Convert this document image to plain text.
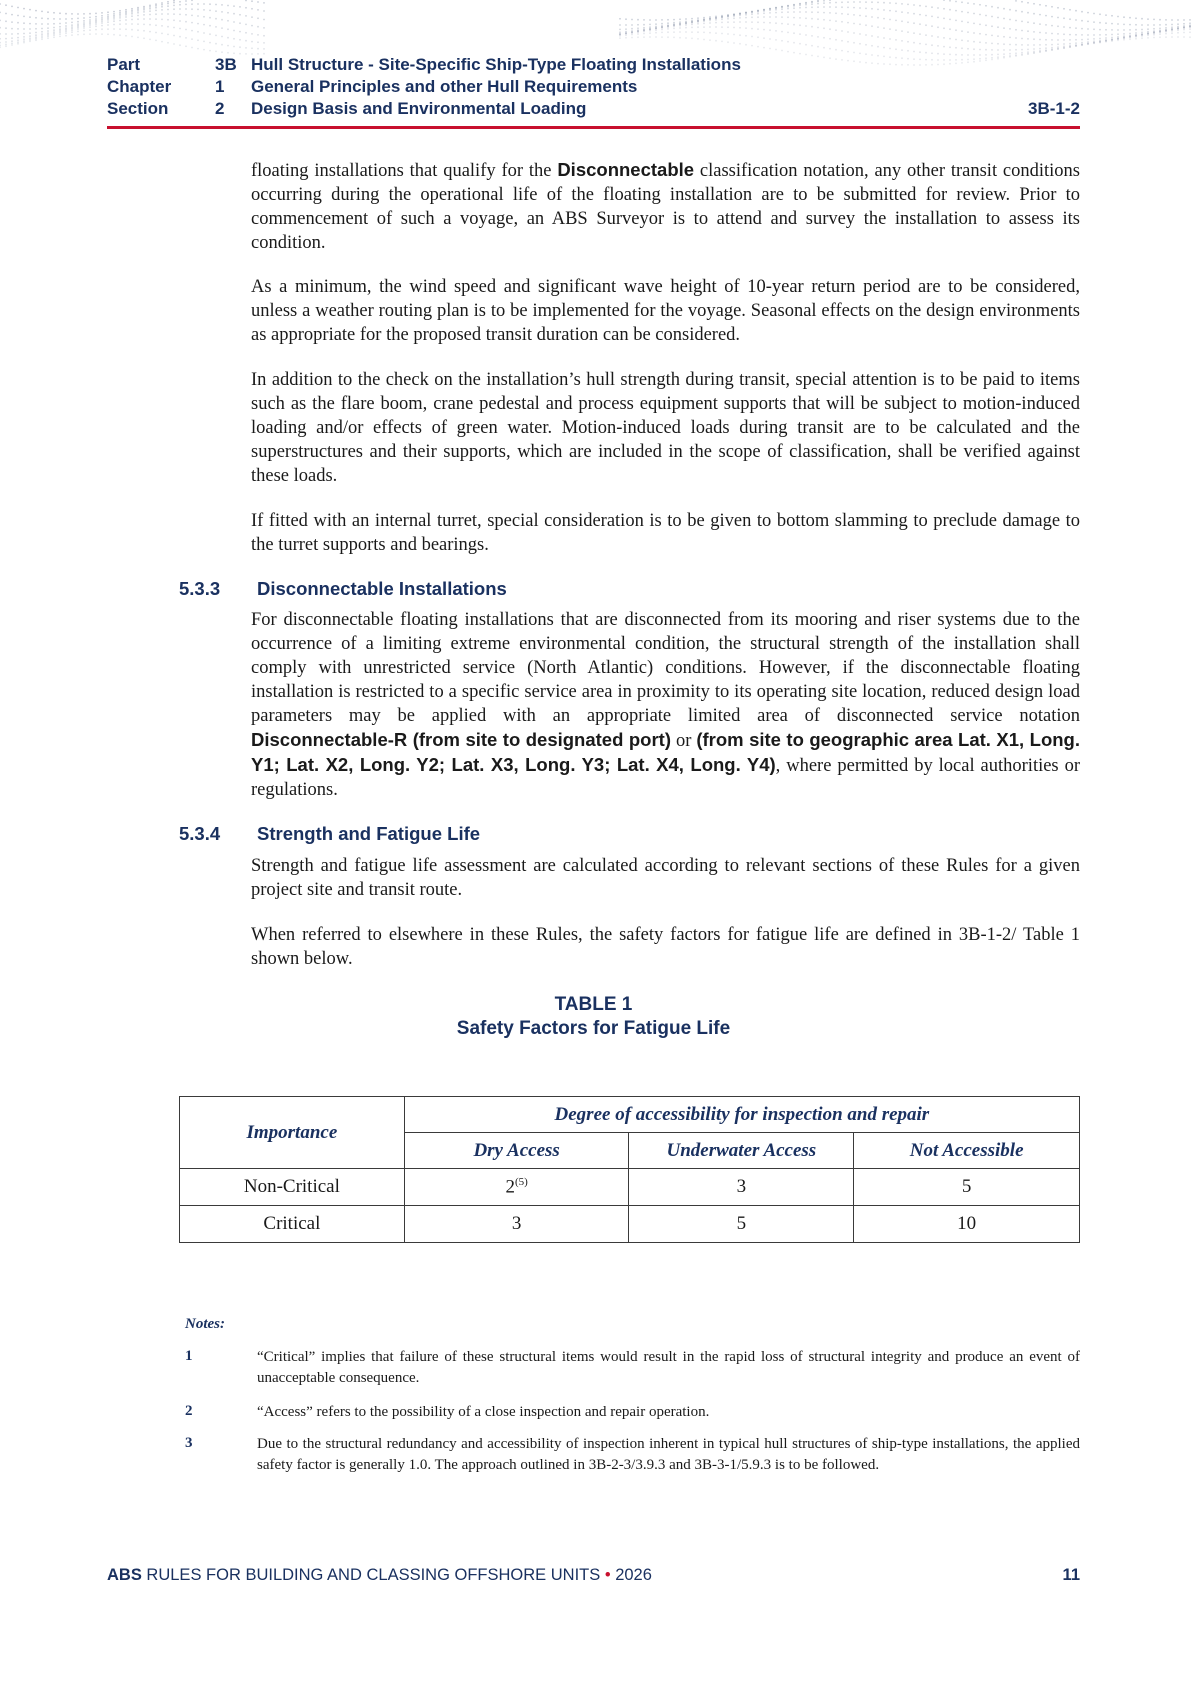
Part	3B Hull Structure - Site-Specific Ship-Type Floating Installations
Chapter	1 General Principles and other Hull Requirements
Section	2 Design Basis and Environmental Loading	3B-1-2

floating installations that qualify for the Disconnectable classification notation, any other transit conditions occurring during the operational life of the floating installation are to be submitted for review. Prior to commencement of such a voyage, an ABS Surveyor is to attend and survey the installation to assess its condition.

As a minimum, the wind speed and significant wave height of 10-year return period are to be considered, unless a weather routing plan is to be implemented for the voyage. Seasonal effects on the design environments as appropriate for the proposed transit duration can be considered.

In addition to the check on the installation’s hull strength during transit, special attention is to be paid to items such as the flare boom, crane pedestal and process equipment supports that will be subject to motion-induced loading and/or effects of green water. Motion-induced loads during transit are to be calculated and the superstructures and their supports, which are included in the scope of classification, shall be verified against these loads.

If fitted with an internal turret, special consideration is to be given to bottom slamming to preclude damage to the turret supports and bearings.

5.3.3 Disconnectable Installations

For disconnectable floating installations that are disconnected from its mooring and riser systems due to the occurrence of a limiting extreme environmental condition, the structural strength of the installation shall comply with unrestricted service (North Atlantic) conditions. However, if the disconnectable floating installation is restricted to a specific service area in proximity to its operating site location, reduced design load parameters may be applied with an appropriate limited area of disconnected service notation Disconnectable-R (from site to designated port) or (from site to geographic area Lat. X1, Long. Y1; Lat. X2, Long. Y2; Lat. X3, Long. Y3; Lat. X4, Long. Y4), where permitted by local authorities or regulations.

5.3.4 Strength and Fatigue Life

Strength and fatigue life assessment are calculated according to relevant sections of these Rules for a given project site and transit route.

When referred to elsewhere in these Rules, the safety factors for fatigue life are defined in 3B-1-2/ Table 1 shown below.

TABLE 1
Safety Factors for Fatigue Life
Importance	Degree of accessibility for inspection and repair		
	Dry Access	Underwater Access	Not Accessible
Non-Critical	2$^{(5)}$	3	5
Critical	3	5	10
Notes:
1	“Critical” implies that failure of these structural items would result in the rapid loss of structural integrity and produce an event of unacceptable consequence.
2	“Access” refers to the possibility of a close inspection and repair operation.
3	Due to the structural redundancy and accessibility of inspection inherent in typical hull structures of ship-type installations, the applied safety factor is generally 1.0. The approach outlined in 3B-2-3/3.9.3 and 3B-3-1/5.9.3 is to be followed.
ABS RULES FOR BUILDING AND CLASSING OFFSHORE UNITS • 2026	11
